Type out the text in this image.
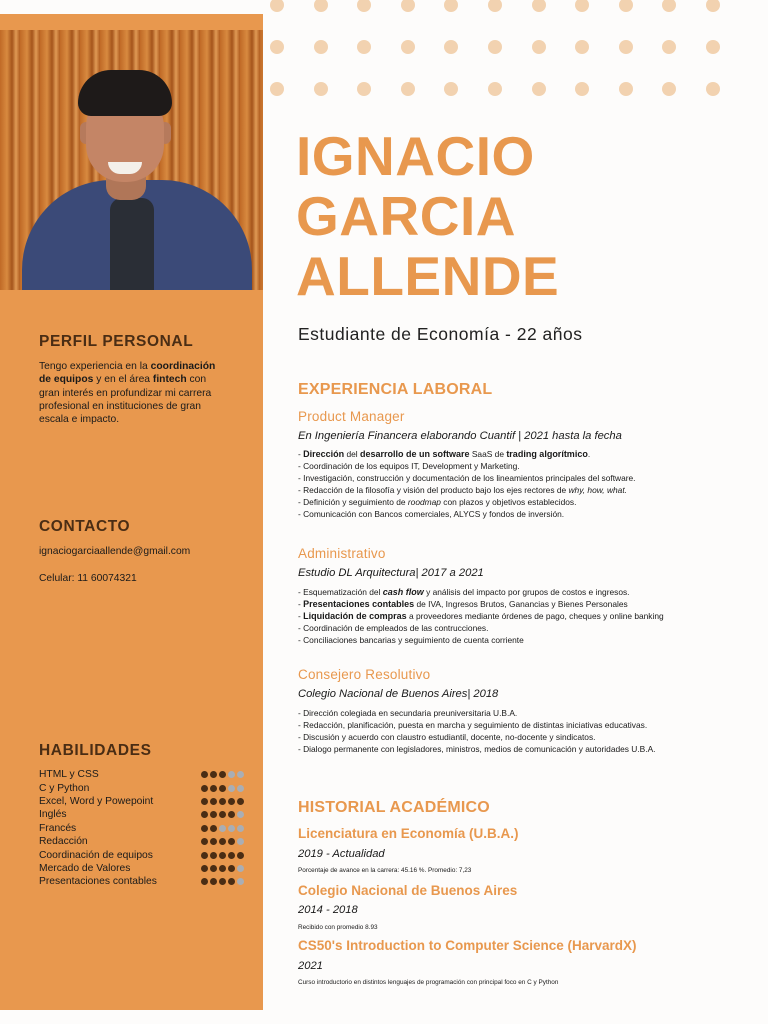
PERFIL PERSONAL

Tengo experiencia en la coordinación de equipos y en el área fintech con gran interés en profundizar mi carrera profesional en instituciones de gran escala e impacto.

CONTACTO

ignaciogarciaallende@gmail.com

Celular: 11 60074321

HABILIDADES
HTML y CSS
C y Python
Excel, Word y Powepoint
Inglés
Francés
Redacción
Coordinación de equipos
Mercado de Valores
Presentaciones contables
IGNACIO
GARCIA
ALLENDE

Estudiante de Economía - 22 años

EXPERIENCIA LABORAL

Product Manager

En Ingeniería Financera elaborando Cuantif | 2021 hasta la fecha

- Dirección del desarrollo de un software SaaS de trading algorítmico.
- Coordinación de los equipos IT, Development y Marketing.
- Investigación, construcción y documentación de los lineamientos principales del software.
- Redacción de la filosofía y visión del producto bajo los ejes rectores de why, how, what.
- Definición y seguimiento de roodmap con plazos y objetivos establecidos.
- Comunicación con Bancos comerciales, ALYCS y fondos de inversión.

Administrativo

Estudio DL Arquitectura| 2017 a 2021

- Esquematización del cash flow y análisis del impacto por grupos de costos e ingresos.
- Presentaciones contables de IVA, Ingresos Brutos, Ganancias y Bienes Personales
- Liquidación de compras a proveedores mediante órdenes de pago, cheques y online banking
- Coordinación de empleados de las contrucciones.
- Conciliaciones bancarias y seguimiento de cuenta corriente

Consejero Resolutivo

Colegio Nacional de Buenos Aires| 2018

- Dirección colegiada en secundaria preuniversitaria U.B.A.
- Redacción, planificación, puesta en marcha y seguimiento de distintas iniciativas educativas.
- Discusión y acuerdo con claustro estudiantil, docente, no-docente y sindicatos.
- Dialogo permanente con legisladores, ministros, medios de comunicación y autoridades U.B.A.
HISTORIAL ACADÉMICO

Licenciatura en Economía (U.B.A.)

2019 - Actualidad

Porcentaje de avance en la carrera: 45.16 %. Promedio: 7,23

Colegio Nacional de Buenos Aires

2014 - 2018

Recibido con promedio 8.93

CS50's Introduction to Computer Science (HarvardX)

2021

Curso introductorio en distintos lenguajes de programación con principal foco en C y Python
